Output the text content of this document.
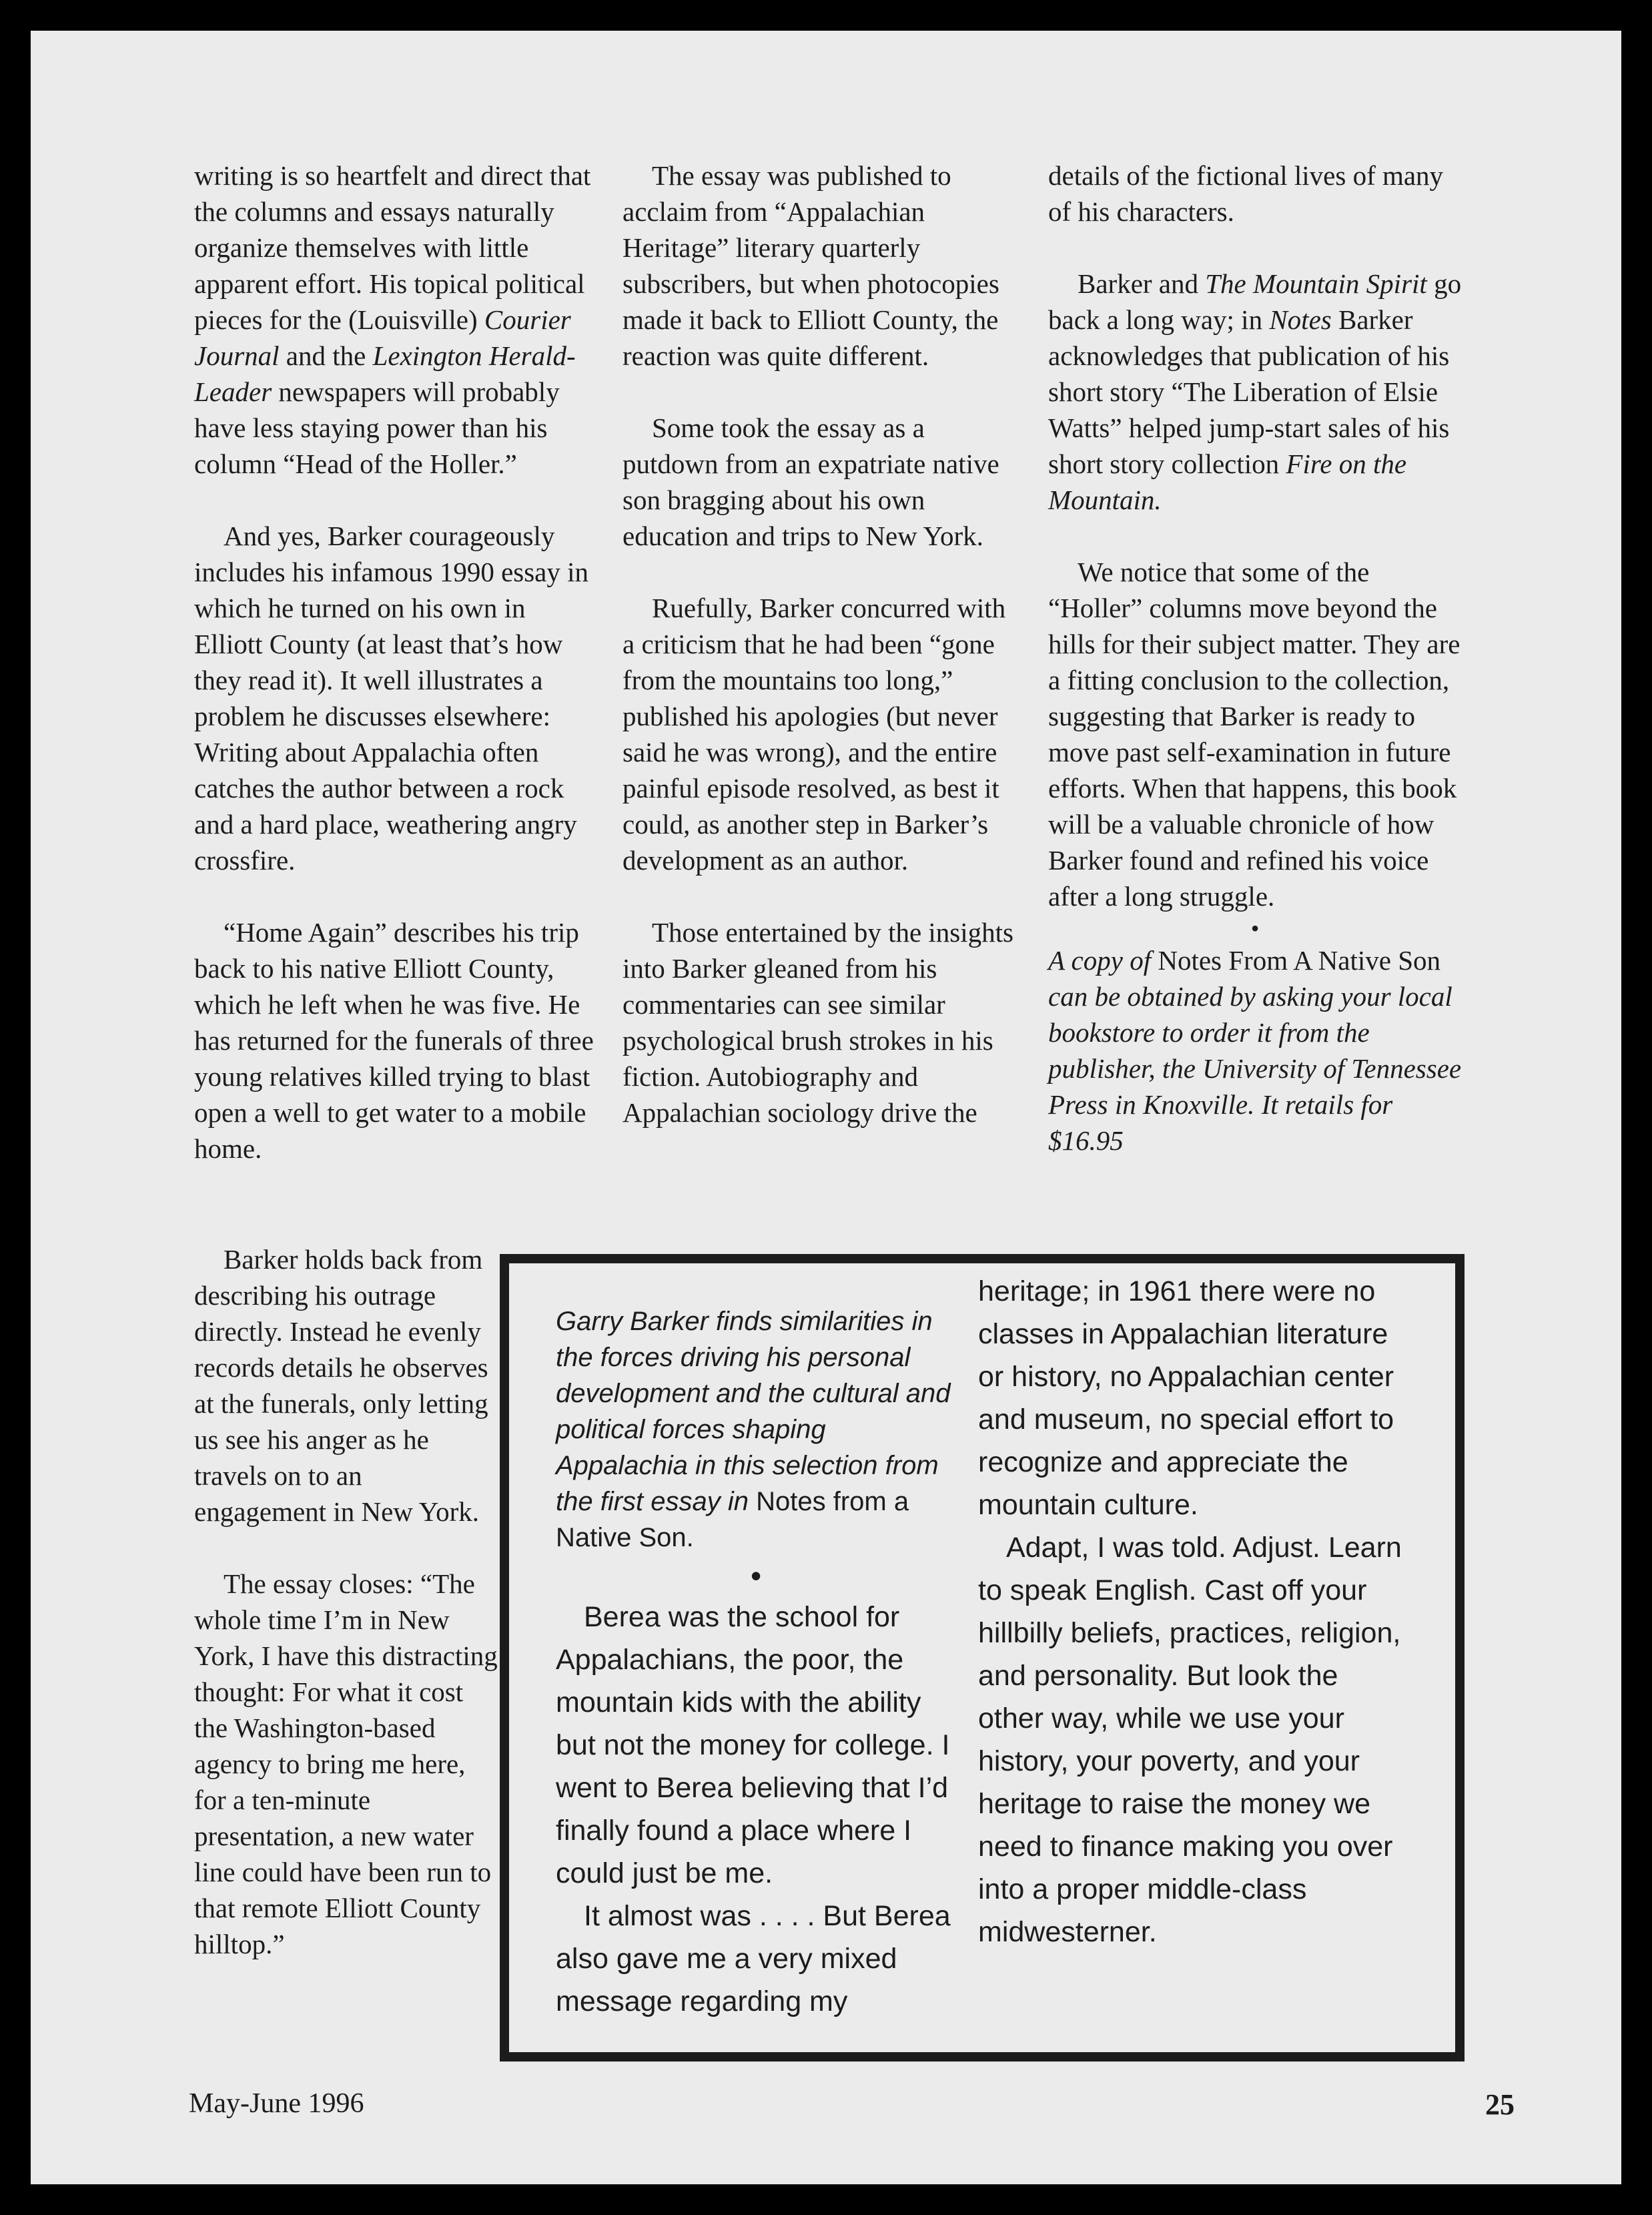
writing is so heartfelt and direct that the columns and essays naturally organize themselves with little apparent effort. His topical political pieces for the (Louisville) Courier Journal and the Lexington Herald-Leader newspapers will probably have less staying power than his column “Head of the Holler.”

And yes, Barker courageously includes his infamous 1990 essay in which he turned on his own in Elliott County (at least that’s how they read it). It well illustrates a problem he discusses elsewhere: Writing about Appalachia often catches the author between a rock and a hard place, weathering angry crossfire.

“Home Again” describes his trip back to his native Elliott County, which he left when he was five. He has returned for the funerals of three young relatives killed trying to blast open a well to get water to a mobile home.

Barker holds back from describing his outrage directly. Instead he evenly records details he observes at the funerals, only letting us see his anger as he travels on to an engagement in New York.

The essay closes: “The whole time I’m in New York, I have this distracting thought: For what it cost the Washington-based agency to bring me here, for a ten-minute presentation, a new water line could have been run to that remote Elliott County hilltop.”

The essay was published to acclaim from “Appalachian Heritage” literary quarterly subscribers, but when photocopies made it back to Elliott County, the reaction was quite different.

Some took the essay as a putdown from an expatriate native son bragging about his own education and trips to New York.

Ruefully, Barker concurred with a criticism that he had been “gone from the mountains too long,” published his apologies (but never said he was wrong), and the entire painful episode resolved, as best it could, as another step in Barker’s development as an author.

Those entertained by the insights into Barker gleaned from his commentaries can see similar psychological brush strokes in his fiction. Autobiography and Appalachian sociology drive the

details of the fictional lives of many of his characters.

Barker and The Mountain Spirit go back a long way; in Notes Barker acknowledges that publication of his short story “The Liberation of Elsie Watts” helped jump-start sales of his short story collection Fire on the Mountain.

We notice that some of the “Holler” columns move beyond the hills for their subject matter. They are a fitting conclusion to the collection, suggesting that Barker is ready to move past self-examination in future efforts. When that happens, this book will be a valuable chronicle of how Barker found and refined his voice after a long struggle.

•

A copy of Notes From A Native Son can be obtained by asking your local bookstore to order it from the publisher, the University of Tennessee Press in Knoxville. It retails for $16.95

Garry Barker finds similarities in the forces driving his personal development and the cultural and political forces shaping Appalachia in this selection from the first essay in Notes from a Native Son.

•

Berea was the school for Appalachians, the poor, the mountain kids with the ability but not the money for college. I went to Berea believing that I’d finally found a place where I could just be me.

It almost was . . . . But Berea also gave me a very mixed message regarding my

heritage; in 1961 there were no classes in Appalachian literature or history, no Appalachian center and museum, no special effort to recognize and appreciate the mountain culture.

Adapt, I was told. Adjust. Learn to speak English. Cast off your hillbilly beliefs, practices, religion, and personality. But look the other way, while we use your history, your poverty, and your heritage to raise the money we need to finance making you over into a proper middle-class midwesterner.

May-June 1996	25
